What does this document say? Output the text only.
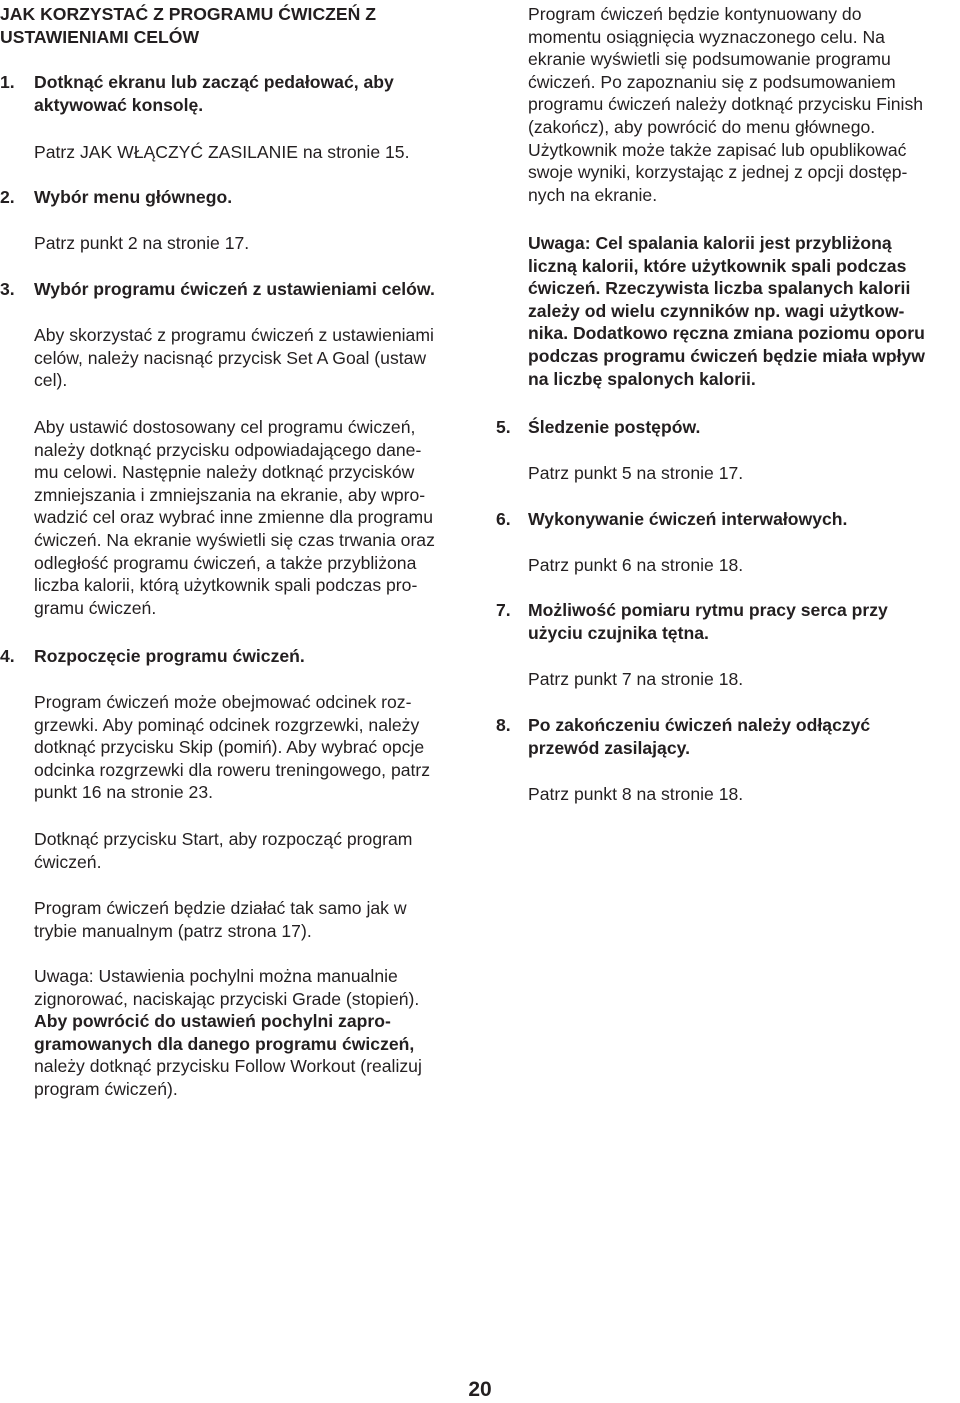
JAK KORZYSTAĆ Z PROGRAMU ĆWICZEŃ Z
USTAWIENIAMI CELÓW
1. Dotknąć ekranu lub zacząć pedałować, aby
aktywować konsolę.
Patrz JAK WŁĄCZYĆ ZASILANIE na stronie 15.
2. Wybór menu głównego.
Patrz punkt 2 na stronie 17.
3. Wybór programu ćwiczeń z ustawieniami celów.
Aby skorzystać z programu ćwiczeń z ustawieniami
celów, należy nacisnąć przycisk Set A Goal (ustaw
cel).
Aby ustawić dostosowany cel programu ćwiczeń,
należy dotknąć przycisku odpowiadającego dane-
mu celowi. Następnie należy dotknąć przycisków
zmniejszania i zmniejszania na ekranie, aby wpro-
wadzić cel oraz wybrać inne zmienne dla programu
ćwiczeń. Na ekranie wyświetli się czas trwania oraz
odległość programu ćwiczeń, a także przybliżona
liczba kalorii, którą użytkownik spali podczas pro-
gramu ćwiczeń.
4. Rozpoczęcie programu ćwiczeń.
Program ćwiczeń może obejmować odcinek roz-
grzewki. Aby pominąć odcinek rozgrzewki, należy
dotknąć przycisku Skip (pomiń). Aby wybrać opcje
odcinka rozgrzewki dla roweru treningowego, patrz
punkt 16 na stronie 23.
Dotknąć przycisku Start, aby rozpocząć program
ćwiczeń.
Program ćwiczeń będzie działać tak samo jak w
trybie manualnym (patrz strona 17).
Uwaga: Ustawienia pochylni można manualnie
zignorować, naciskając przyciski Grade (stopień).
Aby powrócić do ustawień pochylni zapro-
gramowanych dla danego programu ćwiczeń,
należy dotknąć przycisku Follow Workout (realizuj
program ćwiczeń).
Program ćwiczeń będzie kontynuowany do
momentu osiągnięcia wyznaczonego celu. Na
ekranie wyświetli się podsumowanie programu
ćwiczeń. Po zapoznaniu się z podsumowaniem
programu ćwiczeń należy dotknąć przycisku Finish
(zakończ), aby powrócić do menu głównego.
Użytkownik może także zapisać lub opublikować
swoje wyniki, korzystając z jednej z opcji dostęp-
nych na ekranie.
Uwaga: Cel spalania kalorii jest przybliżoną
liczną kalorii, które użytkownik spali podczas
ćwiczeń. Rzeczywista liczba spalanych kalorii
zależy od wielu czynników np. wagi użytkow-
nika. Dodatkowo ręczna zmiana poziomu oporu
podczas programu ćwiczeń będzie miała wpływ
na liczbę spalonych kalorii.
5. Śledzenie postępów.
Patrz punkt 5 na stronie 17.
6. Wykonywanie ćwiczeń interwałowych.
Patrz punkt 6 na stronie 18.
7. Możliwość pomiaru rytmu pracy serca przy
użyciu czujnika tętna.
Patrz punkt 7 na stronie 18.
8. Po zakończeniu ćwiczeń należy odłączyć
przewód zasilający.
Patrz punkt 8 na stronie 18.
20
